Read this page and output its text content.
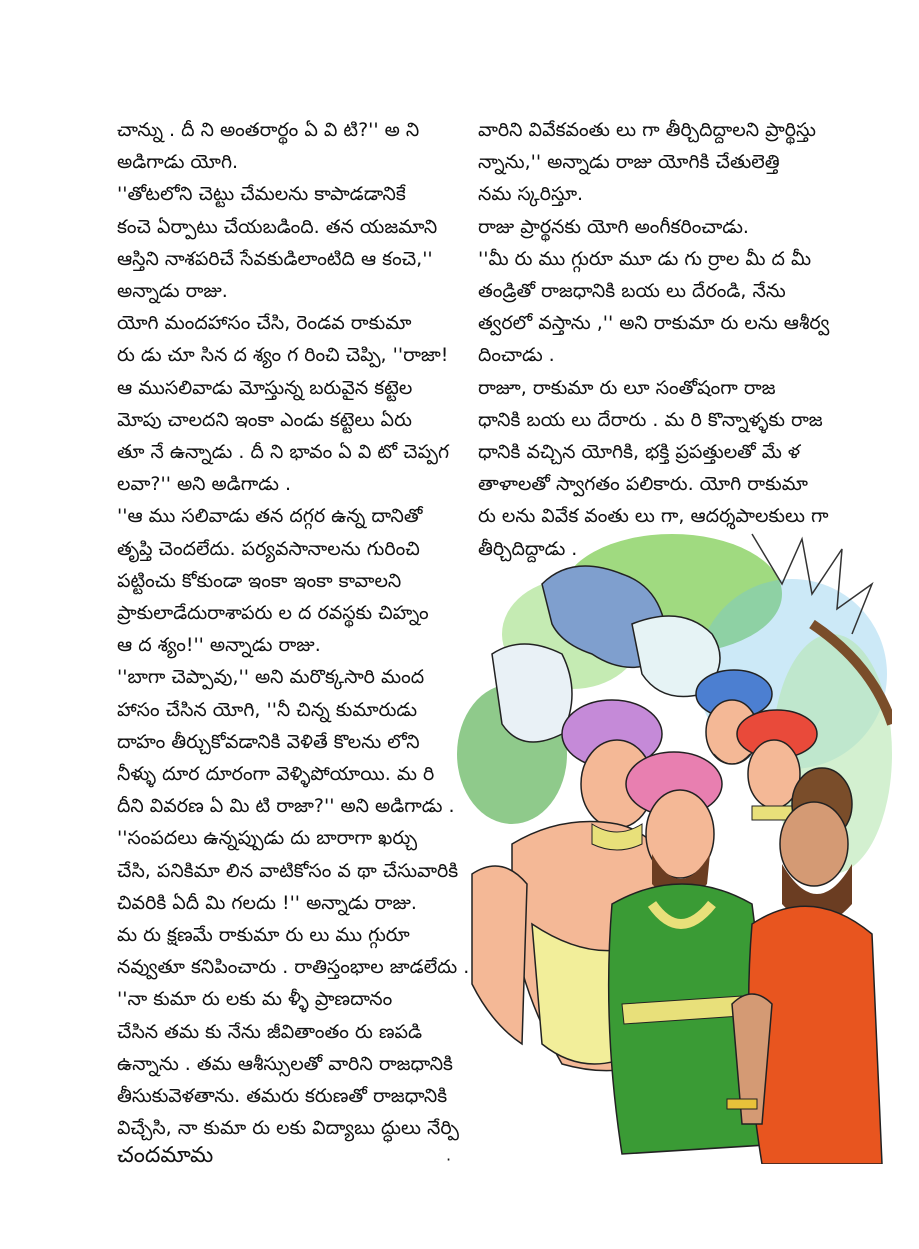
చాన్ను . దీ ని అంతరార్థం ఏ వి టి?'' అ ని
అడిగాడు యోగి.
''తోటలోని చెట్టు చేమలను కాపాడడానికే
కంచె ఏర్పాటు చేయబడింది. తన యజమాని
ఆస్తిని నాశపరిచే సేవకుడిలాంటిది ఆ కంచె,''
అన్నాడు రాజు.
యోగి మందహాసం చేసి, రెండవ రాకుమా
రు డు చూ సిన ద శ్యం గ రించి చెప్పి, ''రాజా!
ఆ ముసలివాడు మోస్తున్న బరువైన కట్టెల
మోపు చాలదని ఇంకా ఎండు కట్టెలు ఏరు
తూ నే ఉన్నాడు . దీ ని భావం ఏ వి టో చెప్పగ
లవా?'' అని అడిగాడు .
''ఆ ము సలివాడు తన దగ్గర ఉన్న దానితో
తృప్తి చెందలేదు. పర్యవసానాలను గురించి
పట్టించు కోకుండా ఇంకా ఇంకా కావాలని
ప్రాకులాడేదురాశాపరు ల ద రవస్థకు చిహ్నం
ఆ ద శ్యం!'' అన్నాడు రాజు.
''బాగా చెప్పావు,'' అని మరొక్కసారి మంద
హాసం చేసిన యోగి, ''నీ చిన్న కుమారుడు
దాహం తీర్చుకోవడానికి వెళితే కొలను లోని
నీళ్ళు దూర దూరంగా వెళ్ళిపోయాయి. మ రి
దీని వివరణ ఏ మి టి రాజా?'' అని అడిగాడు .
''సంపదలు ఉన్నప్పుడు దు బారాగా ఖర్చు
చేసి, పనికిమా లిన వాటికోసం వ థా చేసువారికి
చివరికి ఏదీ మి గలదు !'' అన్నాడు రాజు.
మ రు క్షణమే రాకుమా రు లు ము గ్గురూ
నవ్వుతూ కనిపించారు . రాతిస్తంభాల జాడలేదు .
''నా కుమా రు లకు మ ళ్ళీ ప్రాణదానం
చేసిన తమ కు నేను జీవితాంతం రు ణపడి
ఉన్నాను . తమ ఆశీస్సులతో వారిని రాజధానికి
తీసుకువెళతాను. తమరు కరుణతో రాజధానికి
విచ్చేసి, నా కుమా రు లకు విద్యాబు ద్ధులు నేర్పి
వారిని వివేకవంతు లు గా తీర్చిదిద్దాలని ప్రార్థిస్తు
న్నాను,'' అన్నాడు రాజు యోగికి చేతులెత్తి
నమ స్కరిస్తూ.
రాజు ప్రార్థనకు యోగి అంగీకరించాడు.
''మీ రు ము గ్గురూ మూ డు గు ర్రాల మీ ద మీ
తండ్రితో రాజధానికి బయ లు దేరండి, నేను
త్వరలో వస్తాను ,'' అని రాకుమా రు లను ఆశీర్వ
దించాడు .
రాజూ, రాకుమా రు లూ సంతోషంగా రాజ
ధానికి బయ లు దేరారు . మ రి కొన్నాళ్ళకు రాజ
ధానికి వచ్చిన యోగికి, భక్తి ప్రపత్తులతో మే ళ
తాళాలతో స్వాగతం పలికారు. యోగి రాకుమా
రు లను వివేక వంతు లు గా, ఆదర్శపాలకులు గా
తీర్చిదిద్దాడు .
చందమామ	·
